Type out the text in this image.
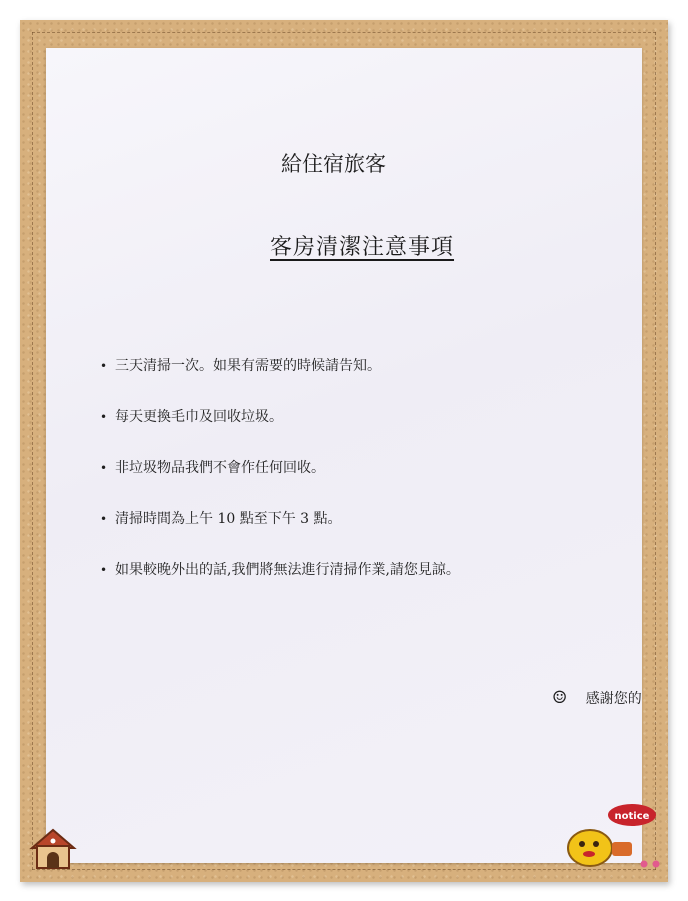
給住宿旅客
客房清潔注意事項
• 三天清掃一次。如果有需要的時候請告知。
• 每天更換毛巾及回收垃圾。
• 非垃圾物品我們不會作任何回收。
• 清掃時間為上午 10 點至下午 3 點。
• 如果較晚外出的話,我們將無法進行清掃作業,請您見諒。
☺ 感謝您的
notice
